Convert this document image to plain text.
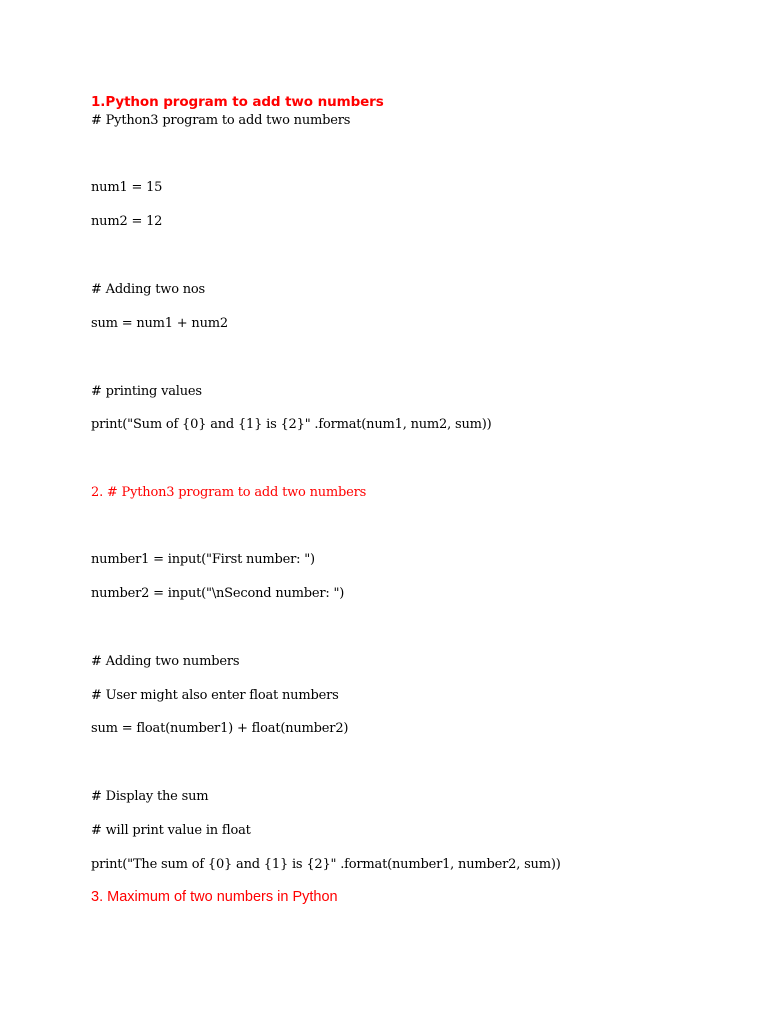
1.Python program to add two numbers
# Python3 program to add two numbers
num1 = 15
num2 = 12
# Adding two nos
sum = num1 + num2
# printing values
print("Sum of {0} and {1} is {2}" .format(num1, num2, sum))
2. # Python3 program to add two numbers
number1 = input("First number: ")
number2 = input("\nSecond number: ")
# Adding two numbers
# User might also enter float numbers
sum = float(number1) + float(number2)
# Display the sum
# will print value in float
print("The sum of {0} and {1} is {2}" .format(number1, number2, sum))
3. Maximum of two numbers in Python
